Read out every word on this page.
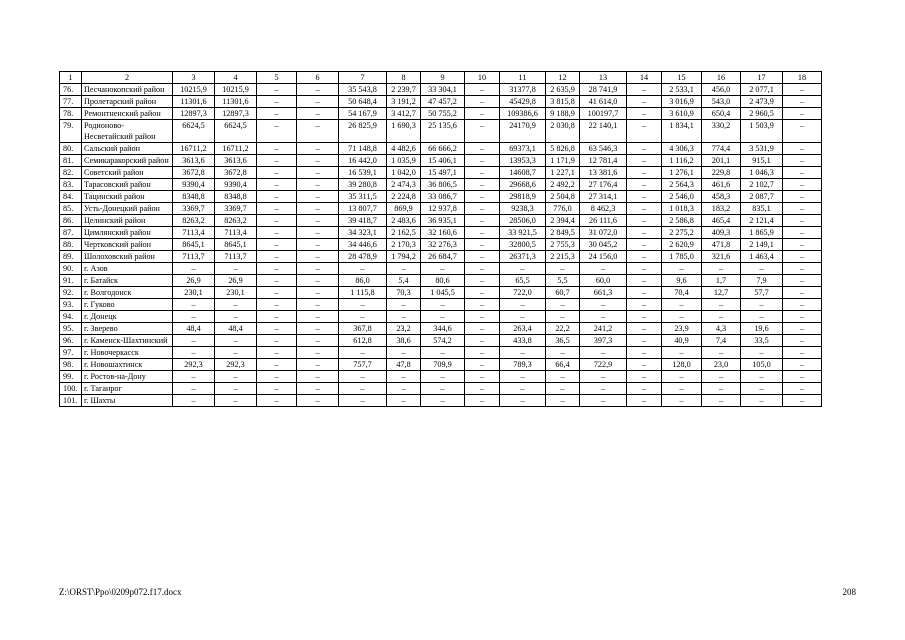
1	2	3	4	5	6	7	8	9	10	11	12	13	14	15	16	17	18
76.	Песчанокопский район	10215,9	10215,9	–	–	35 543,8	2 239,7	33 304,1	–	31377,8	2 635,9	28 741,9	–	2 533,1	456,0	2 077,1	–
77.	Пролетарский район	11301,6	11301,6	–	–	50 648,4	3 191,2	47 457,2	–	45429,8	3 815,8	41 614,0	–	3 016,9	543,0	2 473,9	–
78.	Ремонтненский район	12897,3	12897,3	–	–	54 167,9	3 412,7	50 755,2	–	109386,6	9 188,9	100197,7	–	3 610,9	650,4	2 960,5	–
79.	Родионово-Несветайский район	6624,5	6624,5	–	–	26 825,9	1 690,3	25 135,6	–	24170,9	2 030,8	22 140,1	–	1 834,1	330,2	1 503,9	–
80.	Сальский район	16711,2	16711,2	–	–	71 148,8	4 482,6	66 666,2	–	69373,1	5 826,8	63 546,3	–	4 306,3	774,4	3 531,9	–
81.	Семикаракорский район	3613,6	3613,6	–	–	16 442,0	1 035,9	15 406,1	–	13953,3	1 171,9	12 781,4	–	1 116,2	201,1	915,1	–
82.	Советский район	3672,8	3672,8	–	–	16 539,1	1 042,0	15 497,1	–	14608,7	1 227,1	13 381,6	–	1 276,1	229,8	1 046,3	–
83.	Тарасовский район	9390,4	9390,4	–	–	39 280,8	2 474,3	36 806,5	–	29668,6	2 492,2	27 176,4	–	2 564,3	461,6	2 102,7	–
84.	Тацинский район	8348,8	8348,8	–	–	35 311,5	2 224,8	33 086,7	–	29818,9	2 504,8	27 314,1	–	2 546,0	458,3	2 087,7	–
85.	Усть-Донецкий район	3369,7	3369,7	–	–	13 807,7	869,9	12 937,8	–	9238,3	776,0	8 462,3	–	1 018,3	183,2	835,1	–
86.	Целинский район	8263,2	8263,2	–	–	39 418,7	2 483,6	36 935,1	–	28506,0	2 394,4	26 111,6	–	2 586,8	465,4	2 121,4	–
87.	Цимлянский район	7113,4	7113,4	–	–	34 323,1	2 162,5	32 160,6	–	33 921,5	2 849,5	31 072,0	–	2 275,2	409,3	1 865,9	–
88.	Чертковский район	8645,1	8645,1	–	–	34 446,6	2 170,3	32 276,3	–	32800,5	2 755,3	30 045,2	–	2 620,9	471,8	2 149,1	–
89.	Шолоховский район	7113,7	7113,7	–	–	28 478,9	1 794,2	26 684,7	–	26371,3	2 215,3	24 156,0	–	1 785,0	321,6	1 463,4	–
90.	г. Азов	–	–	–	–	–	–	–	–	–	–	–	–	–	–	–	–
91.	г. Батайск	26,9	26,9	–	–	86,0	5,4	80,6	–	65,5	5,5	60,0	–	9,6	1,7	7,9	–
92.	г. Волгодонск	230,1	230,1	–	–	1 115,8	70,3	1 045,5	–	722,0	60,7	661,3	–	70,4	12,7	57,7	–
93.	г. Гуково	–	–	–	–	–	–	–	–	–	–	–	–	–	–	–	–
94.	г. Донецк	–	–	–	–	–	–	–	–	–	–	–	–	–	–	–	–
95.	г. Зверево	48,4	48,4	–	–	367,8	23,2	344,6	–	263,4	22,2	241,2	–	23,9	4,3	19,6	–
96.	г. Каменск-Шахтинский	–	–	–	–	612,8	38,6	574,2	–	433,8	36,5	397,3	–	40,9	7,4	33,5	–
97.	г. Новочеркасск	–	–	–	–	–	–	–	–	–	–	–	–	–	–	–	–
98.	г. Новошахтинск	292,3	292,3	–	–	757,7	47,8	709,9	–	789,3	66,4	722,9	–	128,0	23,0	105,0	–
99.	г. Ростов-на-Дону	–	–	–	–	–	–	–	–	–	–	–	–	–	–	–	–
100.	г. Таганрог	–	–	–	–	–	–	–	–	–	–	–	–	–	–	–	–
101.	г. Шахты	–	–	–	–	–	–	–	–	–	–	–	–	–	–	–	–
Z:\ORST\Ppo\0209p072.f17.docx	208
